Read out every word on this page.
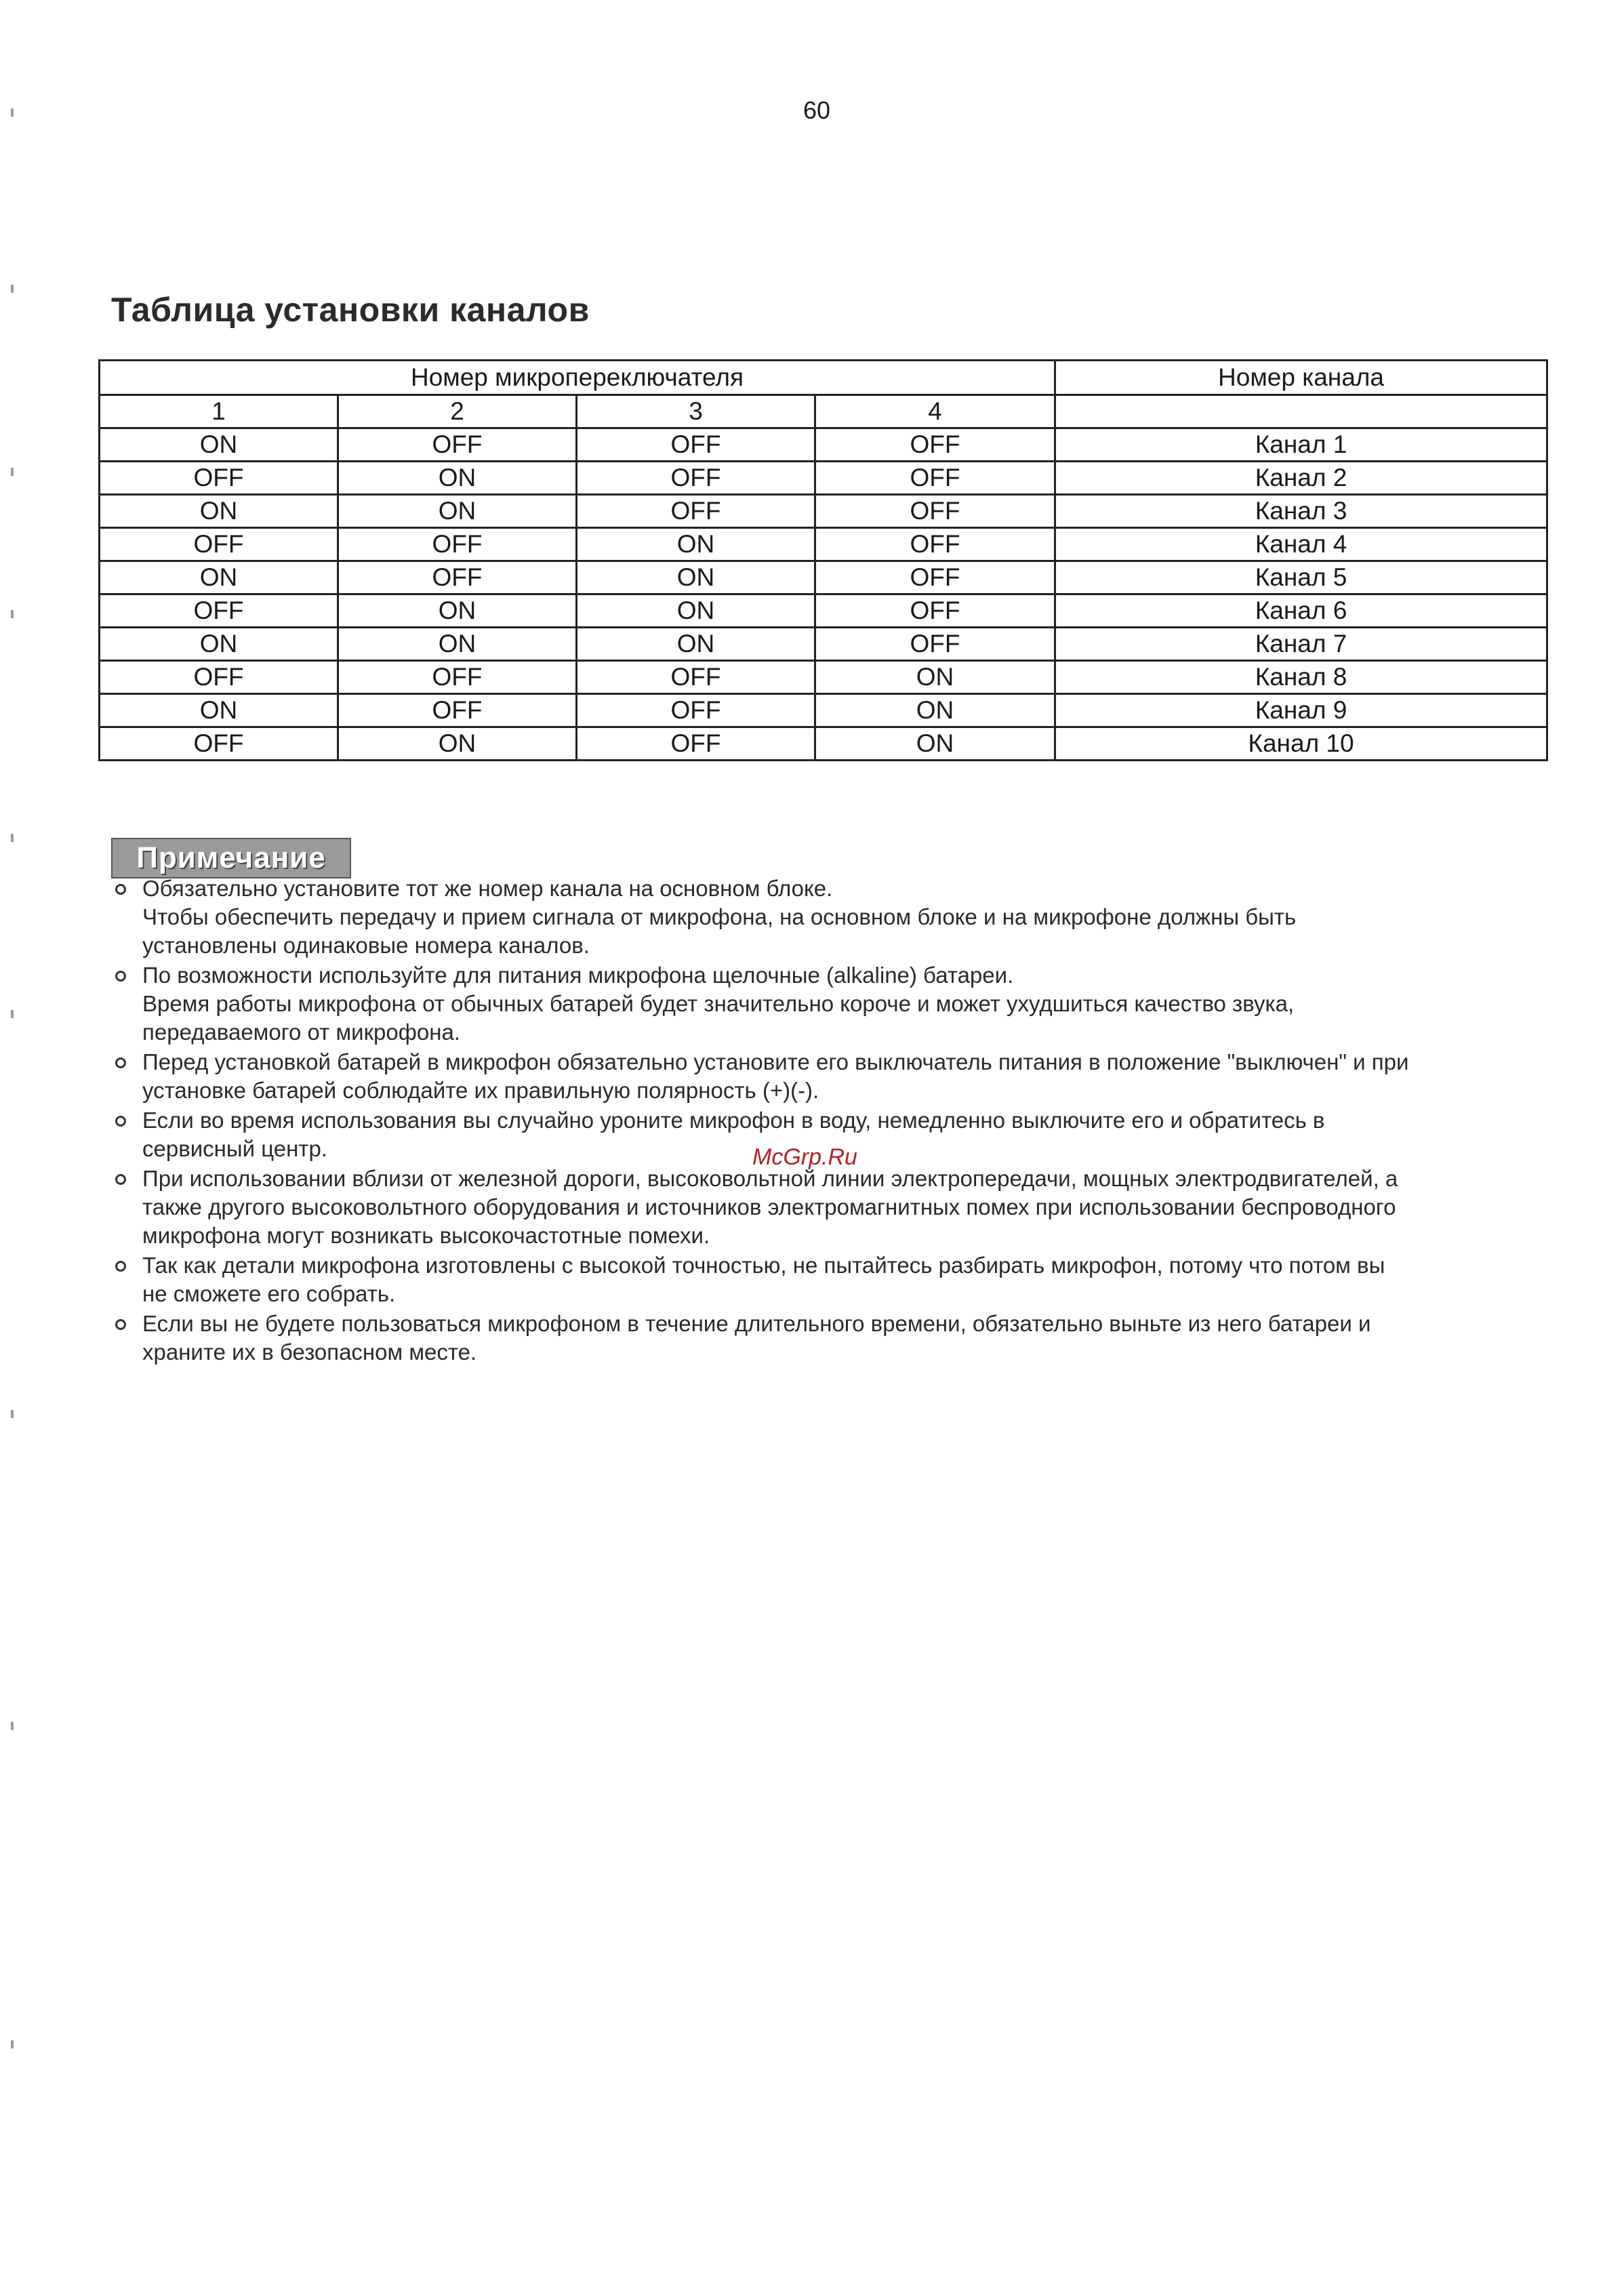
60
Таблица установки каналов
Номер микропереключателя				Номер канала
1	2	3	4	
ON	OFF	OFF	OFF	Канал 1
OFF	ON	OFF	OFF	Канал 2
ON	ON	OFF	OFF	Канал 3
OFF	OFF	ON	OFF	Канал 4
ON	OFF	ON	OFF	Канал 5
OFF	ON	ON	OFF	Канал 6
ON	ON	ON	OFF	Канал 7
OFF	OFF	OFF	ON	Канал 8
ON	OFF	OFF	ON	Канал 9
OFF	ON	OFF	ON	Канал 10
Примечание

Обязательно установите тот же номер канала на основном блоке.

Чтобы обеспечить передачу и прием сигнала от микрофона, на основном блоке и на микрофоне должны быть

установлены одинаковые номера каналов.

По возможности используйте для питания микрофона щелочные (alkaline) батареи.

Время работы микрофона от обычных батарей будет значительно короче и может ухудшиться качество звука,

передаваемого от микрофона.

Перед установкой батарей в микрофон обязательно установите его выключатель питания в положение "выключен" и при

установке батарей соблюдайте их правильную полярность (+)(-).

Если во время использования вы случайно уроните микрофон в воду, немедленно выключите его и обратитесь в

сервисный центр.

При использовании вблизи от железной дороги, высоковольтной линии электропередачи, мощных электродвигателей, а

также другого высоковольтного оборудования и источников электромагнитных помех при использовании беспроводного

микрофона могут возникать высокочастотные помехи.

Так как детали микрофона изготовлены с высокой точностью, не пытайтесь разбирать микрофон, потому что потом вы

не сможете его собрать.

Если вы не будете пользоваться микрофоном в течение длительного времени, обязательно выньте из него батареи и

храните их в безопасном месте.

McGrp.Ru
